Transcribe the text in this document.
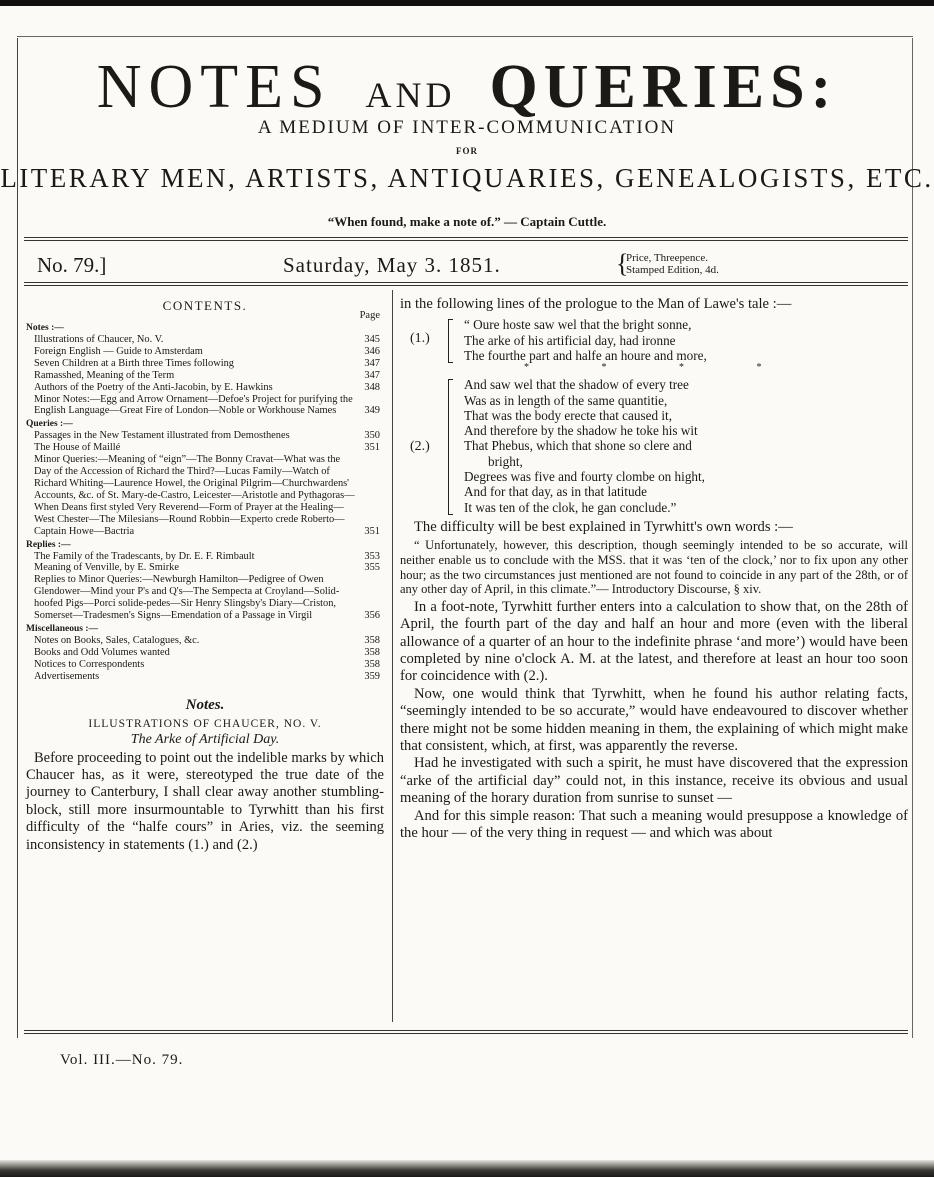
NOTES AND QUERIES:
A MEDIUM OF INTER-COMMUNICATION
FOR
LITERARY MEN, ARTISTS, ANTIQUARIES, GENEALOGISTS, ETC.
“When found, make a note of.” — Captain Cuttle.
No. 79.]	Saturday, May 3. 1851.	{
Price, Threepence.
Stamped Edition, 4d.
CONTENTS.
Page
Notes :—
Illustrations of Chaucer, No. V.	345
Foreign English — Guide to Amsterdam	346
Seven Children at a Birth three Times following	347
Ramasshed, Meaning of the Term	347
Authors of the Poetry of the Anti-Jacobin, by E. Hawkins	348
Minor Notes:—Egg and Arrow Ornament—Defoe's Project for purifying the English Language—Great Fire of London—Noble or Workhouse Names	349
Queries :—
Passages in the New Testament illustrated from Demosthenes	350
The House of Maillé	351
Minor Queries:—Meaning of “eign”—The Bonny Cravat—What was the Day of the Accession of Richard the Third?—Lucas Family—Watch of Richard Whiting—Laurence Howel, the Original Pilgrim—Churchwardens' Accounts, &c. of St. Mary-de-Castro, Leicester—Aristotle and Pythagoras—When Deans first styled Very Reverend—Form of Prayer at the Healing—West Chester—The Milesians—Round Robbin—Experto crede Roberto—Captain Howe—Bactria	351
Replies :—
The Family of the Tradescants, by Dr. E. F. Rimbault	353
Meaning of Venville, by E. Smirke	355
Replies to Minor Queries:—Newburgh Hamilton—Pedigree of Owen Glendower—Mind your P's and Q's—The Sempecta at Croyland—Solid-hoofed Pigs—Porci solide-pedes—Sir Henry Slingsby's Diary—Criston, Somerset—Tradesmen's Signs—Emendation of a Passage in Virgil	356
Miscellaneous :—
Notes on Books, Sales, Catalogues, &c.	358
Books and Odd Volumes wanted	358
Notices to Correspondents	358
Advertisements	359
Notes.
ILLUSTRATIONS OF CHAUCER, NO. V.
The Arke of Artificial Day.
Before proceeding to point out the indelible marks by which Chaucer has, as it were, stereotyped the true date of the journey to Canterbury, I shall clear away another stumbling-block, still more insurmountable to Tyrwhitt than his first difficulty of the “halfe cours” in Aries, viz. the seeming inconsistency in statements (1.) and (2.)

in the following lines of the prologue to the Man of Lawe's tale :—

(1.)
“ Oure hoste saw wel that the bright sonne,
The arke of his artificial day, had ironne
The fourthe part and halfe an houre and more,
* * * *
(2.)
And saw wel that the shadow of every tree
Was as in length of the same quantitie,
That was the body erecte that caused it,
And therefore by the shadow he toke his wit
That Phebus, which that shone so clere and
bright,
Degrees was five and fourty clombe on hight,
And for that day, as in that latitude
It was ten of the clok, he gan conclude.”

The difficulty will be best explained in Tyrwhitt's own words :—

“ Unfortunately, however, this description, though seemingly intended to be so accurate, will neither enable us to conclude with the MSS. that it was ‘ten of the clock,’ nor to fix upon any other hour; as the two circumstances just mentioned are not found to coincide in any part of the 28th, or of any other day of April, in this climate.”— Introductory Discourse, § xiv.

In a foot-note, Tyrwhitt further enters into a calculation to show that, on the 28th of April, the fourth part of the day and half an hour and more (even with the liberal allowance of a quarter of an hour to the indefinite phrase ‘and more’) would have been completed by nine o'clock A. M. at the latest, and therefore at least an hour too soon for coincidence with (2.).

Now, one would think that Tyrwhitt, when he found his author relating facts, “seemingly intended to be so accurate,” would have endeavoured to discover whether there might not be some hidden meaning in them, the explaining of which might make that consistent, which, at first, was apparently the reverse.

Had he investigated with such a spirit, he must have discovered that the expression “arke of the artificial day” could not, in this instance, receive its obvious and usual meaning of the horary duration from sunrise to sunset —

And for this simple reason: That such a meaning would presuppose a knowledge of the hour — of the very thing in request — and which was about

Vol. III.—No. 79.
